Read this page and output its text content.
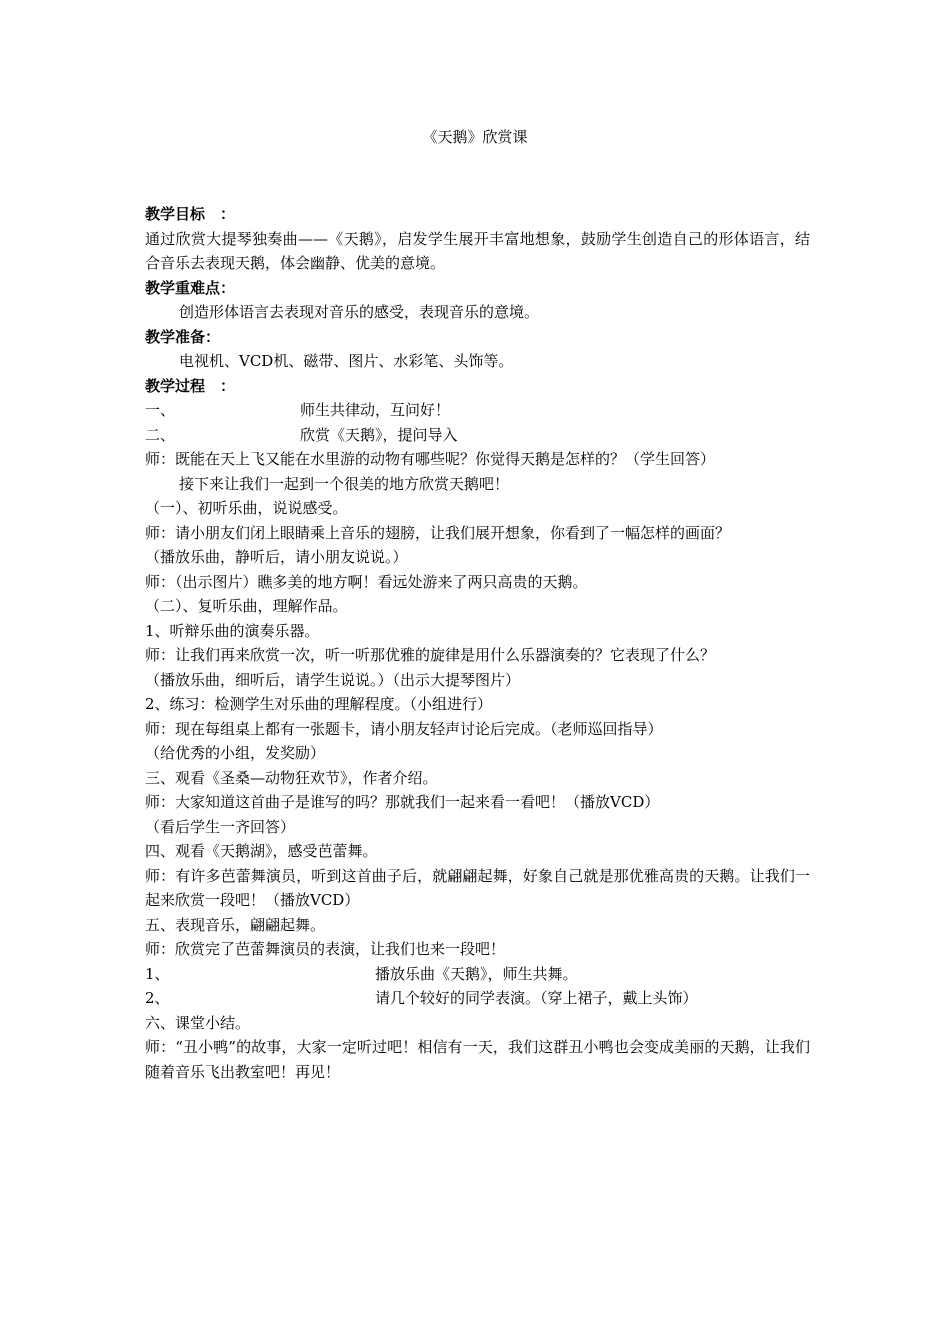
《天鹅》欣赏课
教学目标　：
通过欣赏大提琴独奏曲——《天鹅》，启发学生展开丰富地想象，鼓励学生创造自己的形体语言，结合音乐去表现天鹅，体会幽静、优美的意境。
教学重难点：
创造形体语言去表现对音乐的感受，表现音乐的意境。
教学准备：
电视机、VCD机、磁带、图片、水彩笔、头饰等。
教学过程　：
一、	师生共律动，互问好！
二、	欣赏《天鹅》，提问导入
师：既能在天上飞又能在水里游的动物有哪些呢？你觉得天鹅是怎样的？（学生回答）
接下来让我们一起到一个很美的地方欣赏天鹅吧！
（一）、初听乐曲，说说感受。
师：请小朋友们闭上眼睛乘上音乐的翅膀，让我们展开想象，你看到了一幅怎样的画面？
（播放乐曲，静听后，请小朋友说说。）
师：（出示图片）瞧多美的地方啊！看远处游来了两只高贵的天鹅。
（二）、复听乐曲，理解作品。
1、听辩乐曲的演奏乐器。
师：让我们再来欣赏一次，听一听那优雅的旋律是用什么乐器演奏的？它表现了什么？
（播放乐曲，细听后，请学生说说。）（出示大提琴图片）
2、练习：检测学生对乐曲的理解程度。（小组进行）
师：现在每组桌上都有一张题卡，请小朋友轻声讨论后完成。（老师巡回指导）
（给优秀的小组，发奖励）
三、观看《圣桑—动物狂欢节》，作者介绍。
师：大家知道这首曲子是谁写的吗？那就我们一起来看一看吧！（播放VCD）
（看后学生一齐回答）
四、观看《天鹅湖》，感受芭蕾舞。
师：有许多芭蕾舞演员，听到这首曲子后，就翩翩起舞，好象自己就是那优雅高贵的天鹅。让我们一起来欣赏一段吧！（播放VCD）
五、表现音乐，翩翩起舞。
师：欣赏完了芭蕾舞演员的表演，让我们也来一段吧！
1、	播放乐曲《天鹅》，师生共舞。
2、	请几个较好的同学表演。（穿上裙子，戴上头饰）
六、课堂小结。
师：“丑小鸭”的故事，大家一定听过吧！相信有一天，我们这群丑小鸭也会变成美丽的天鹅，让我们随着音乐飞出教室吧！再见！
